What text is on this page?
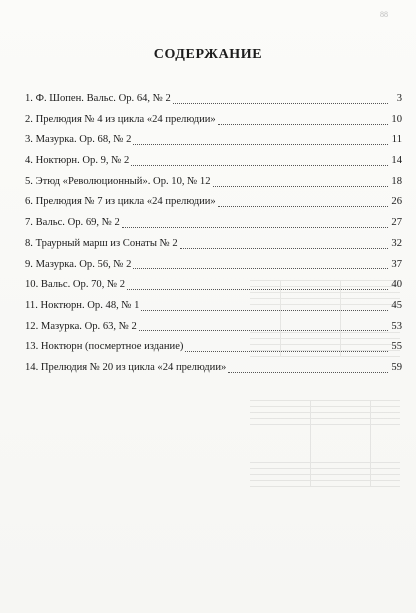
88
СОДЕРЖАНИЕ
1. Ф. Шопен. Вальс. Ор. 64, № 2	3
2. Прелюдия № 4 из цикла «24 прелюдии»	10
3. Мазурка. Ор. 68, № 2	11
4. Ноктюрн. Ор. 9, № 2	14
5. Этюд «Революционный». Ор. 10, № 12	18
6. Прелюдия № 7 из цикла «24 прелюдии»	26
7. Вальс. Ор. 69, № 2	27
8. Траурный марш из Сонаты № 2	32
9. Мазурка. Ор. 56, № 2	37
10. Вальс. Ор. 70, № 2	40
11. Ноктюрн. Ор. 48, № 1	45
12. Мазурка. Ор. 63, № 2	53
13. Ноктюрн (посмертное издание)	55
14. Прелюдия № 20 из цикла «24 прелюдии»	59
